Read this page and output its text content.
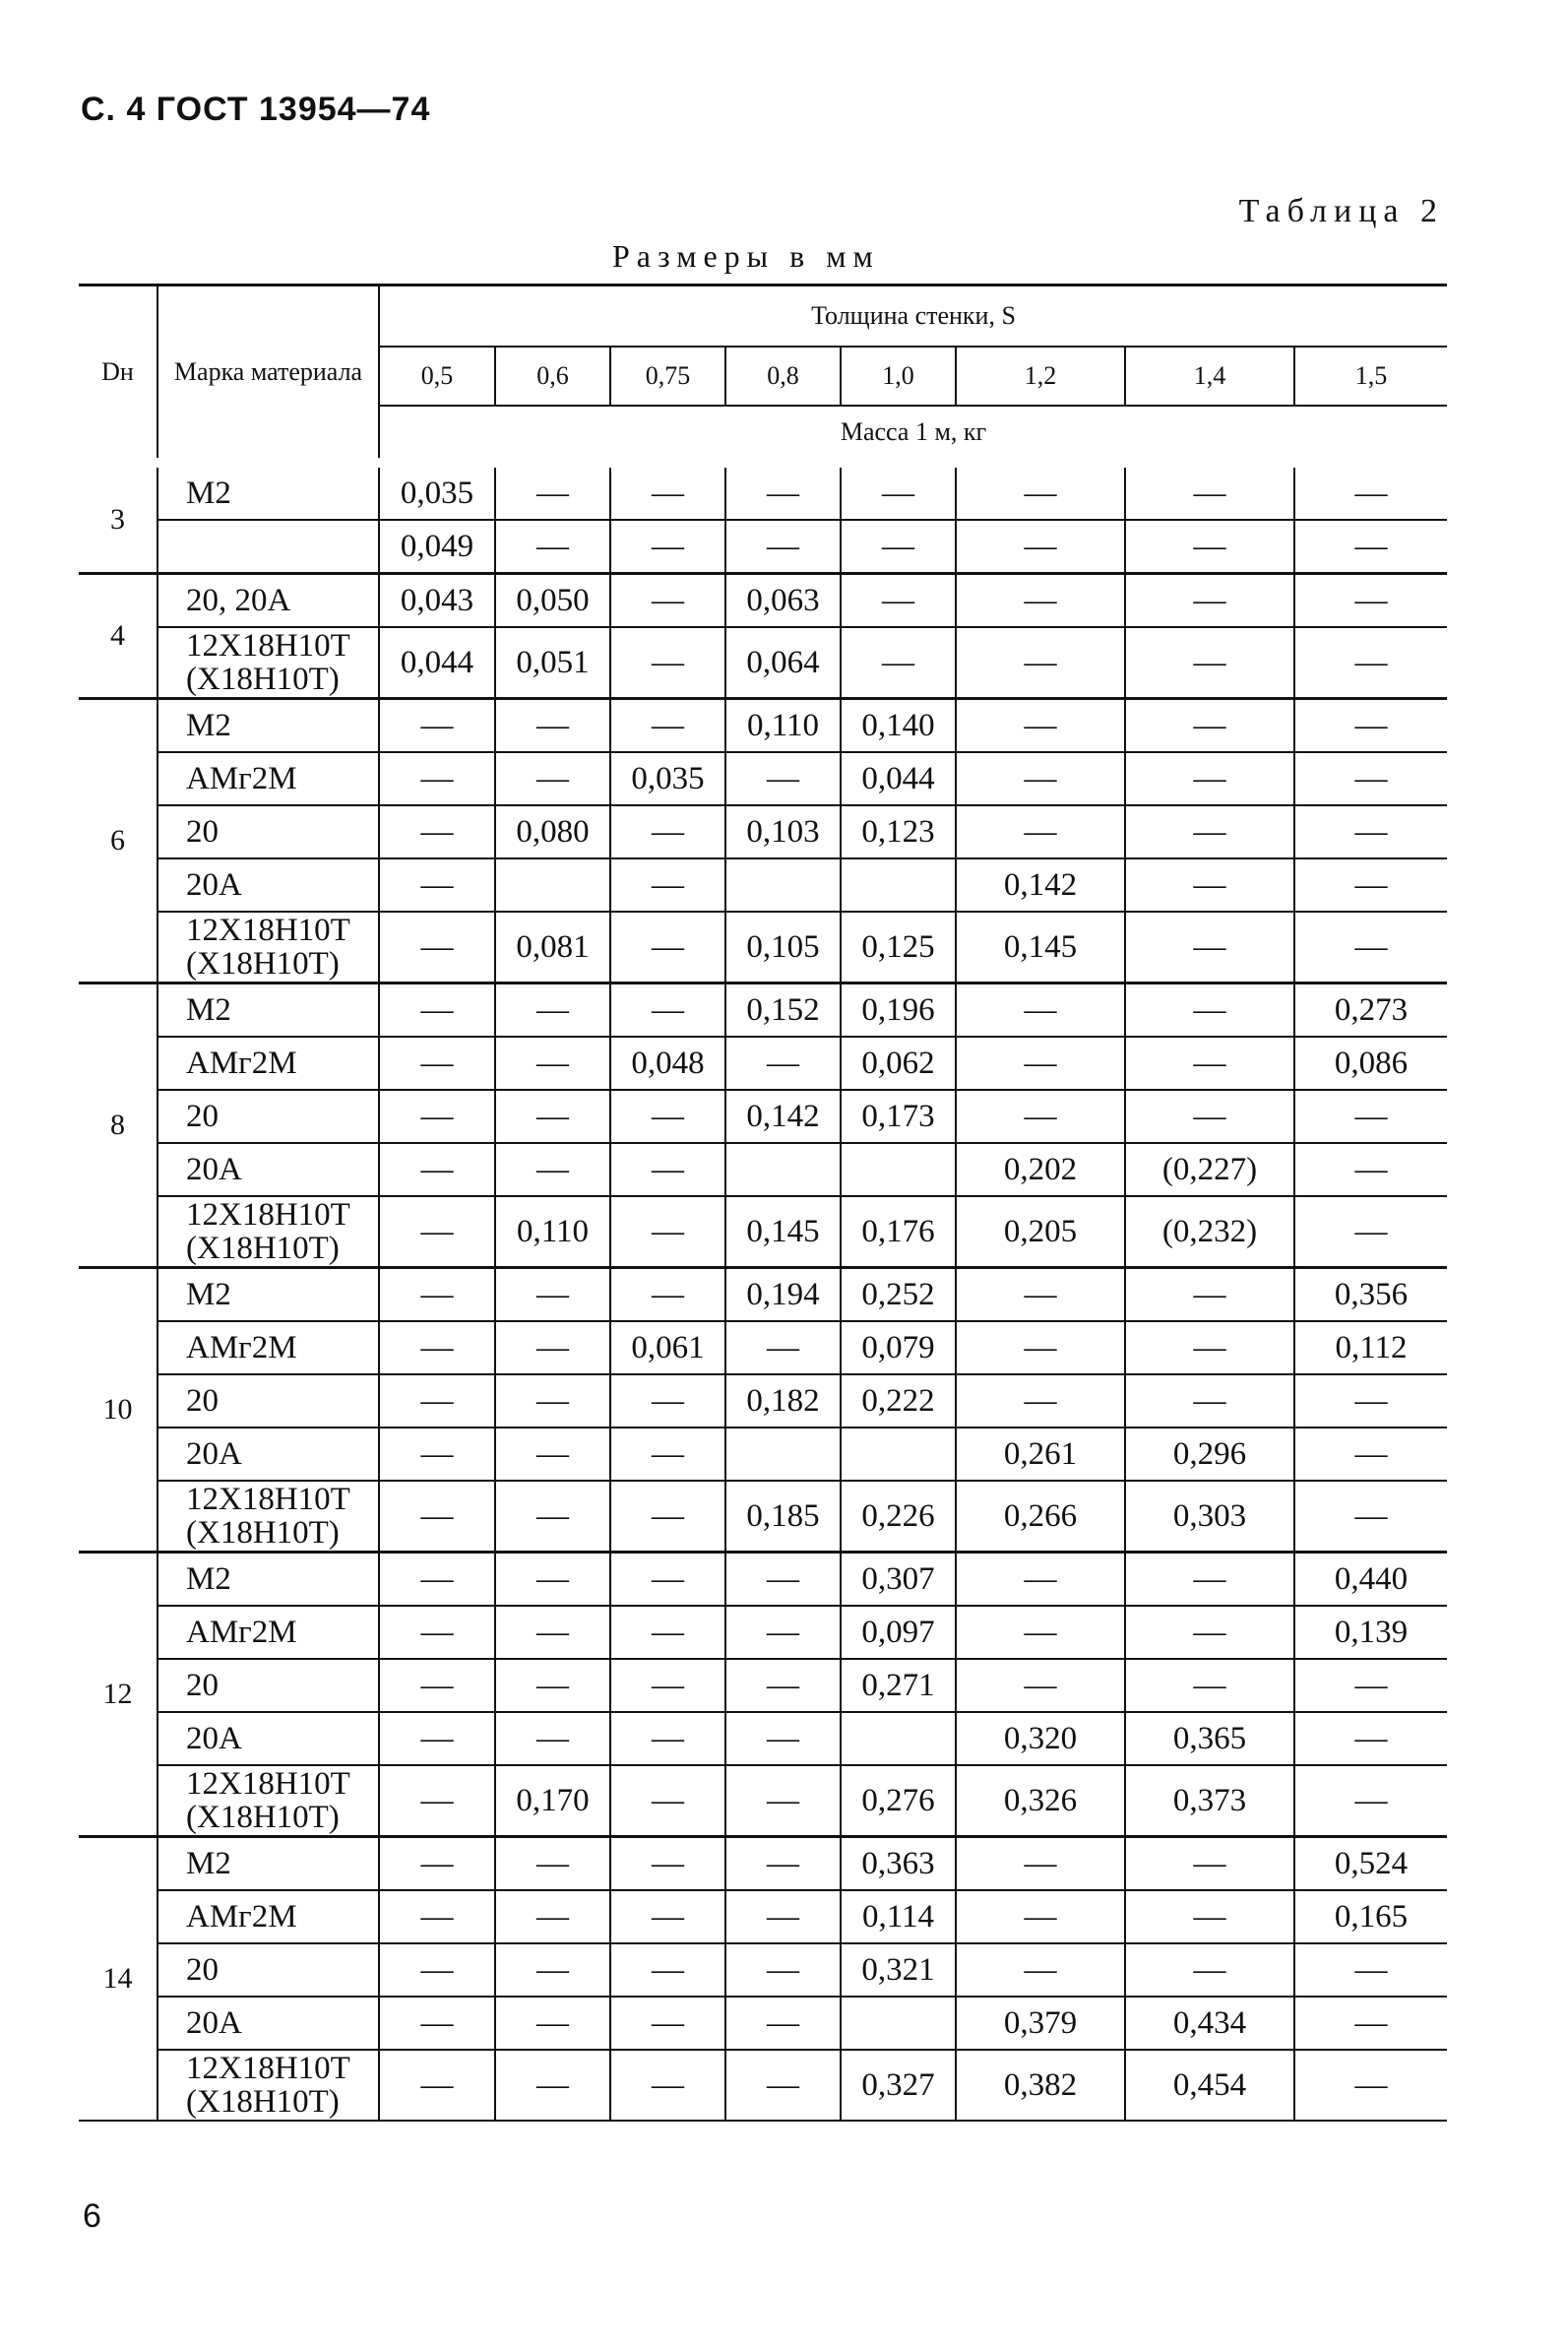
С. 4 ГОСТ 13954—74
Таблица 2
Размеры в мм
Dн	Марка материала	Толщина стенки, S							
		0,5	0,6	0,75	0,8	1,0	1,2	1,4	1,5
		Масса 1 м, кг							
3	М2	0,035	—	—	—	—	—	—	—
		0,049	—	—	—	—	—	—	—
4	20, 20А	0,043	0,050	—	0,063	—	—	—	—
	12Х18Н10Т (Х18Н10Т)	0,044	0,051	—	0,064	—	—	—	—
6	М2	—	—	—	0,110	0,140	—	—	—
	АМг2М	—	—	0,035	—	0,044	—	—	—
	20	—	0,080	—	0,103	0,123	—	—	—
	20А	—		—			0,142	—	—
	12Х18Н10Т (Х18Н10Т)	—	0,081	—	0,105	0,125	0,145	—	—
8	М2	—	—	—	0,152	0,196	—	—	0,273
	АМг2М	—	—	0,048	—	0,062	—	—	0,086
	20	—	—	—	0,142	0,173	—	—	—
	20А	—	—	—			0,202	(0,227)	—
	12Х18Н10Т (Х18Н10Т)	—	0,110	—	0,145	0,176	0,205	(0,232)	—
10	М2	—	—	—	0,194	0,252	—	—	0,356
	АМг2М	—	—	0,061	—	0,079	—	—	0,112
	20	—	—	—	0,182	0,222	—	—	—
	20А	—	—	—			0,261	0,296	—
	12Х18Н10Т (Х18Н10Т)	—	—	—	0,185	0,226	0,266	0,303	—
12	М2	—	—	—	—	0,307	—	—	0,440
	АМг2М	—	—	—	—	0,097	—	—	0,139
	20	—	—	—	—	0,271	—	—	—
	20А	—	—	—	—		0,320	0,365	—
	12Х18Н10Т (Х18Н10Т)	—	0,170	—	—	0,276	0,326	0,373	—
14	М2	—	—	—	—	0,363	—	—	0,524
	АМг2М	—	—	—	—	0,114	—	—	0,165
	20	—	—	—	—	0,321	—	—	—
	20А	—	—	—	—		0,379	0,434	—
	12Х18Н10Т (Х18Н10Т)	—	—	—	—	0,327	0,382	0,454	—
6
